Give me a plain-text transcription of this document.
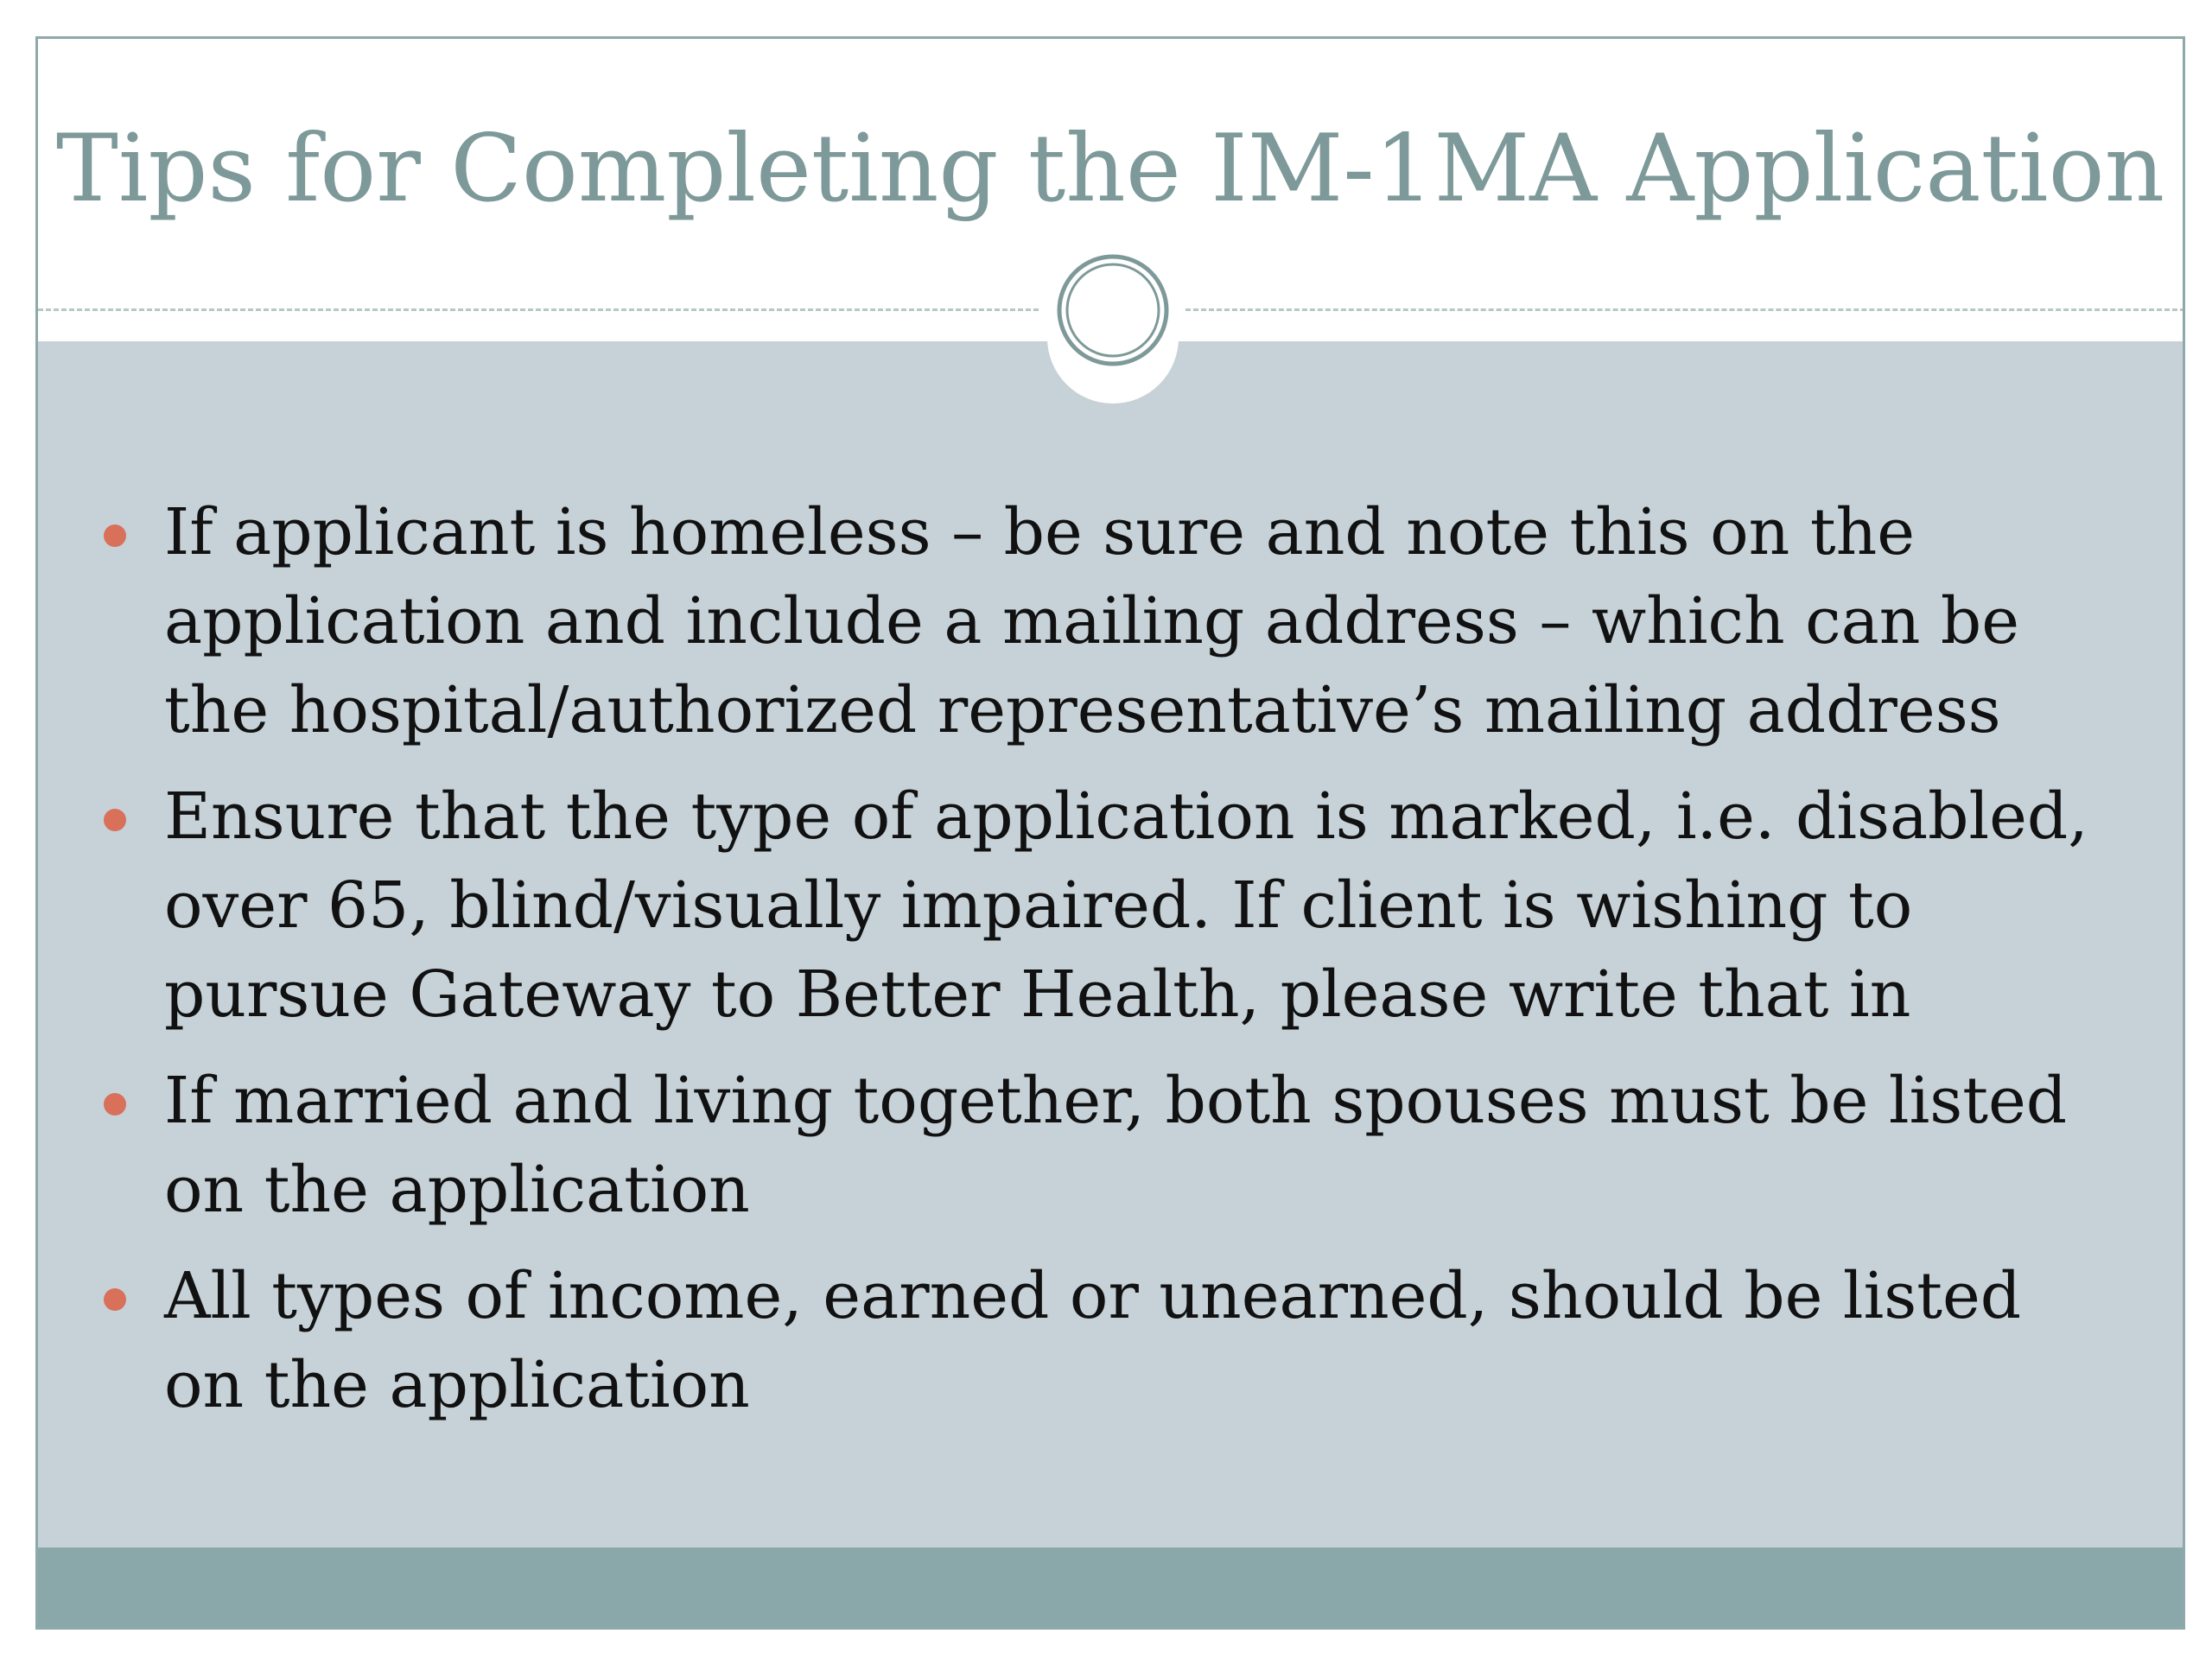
Tips for Completing the IM-1MA Application
If applicant is homeless – be sure and note this on the application and include a mailing address – which can be the hospital/authorized representative’s mailing address
Ensure that the type of application is marked, i.e. disabled, over 65, blind/visually impaired. If client is wishing to pursue Gateway to Better Health, please write that in
If married and living together, both spouses must be listed on the application
All types of income, earned or unearned, should be listed on the application
